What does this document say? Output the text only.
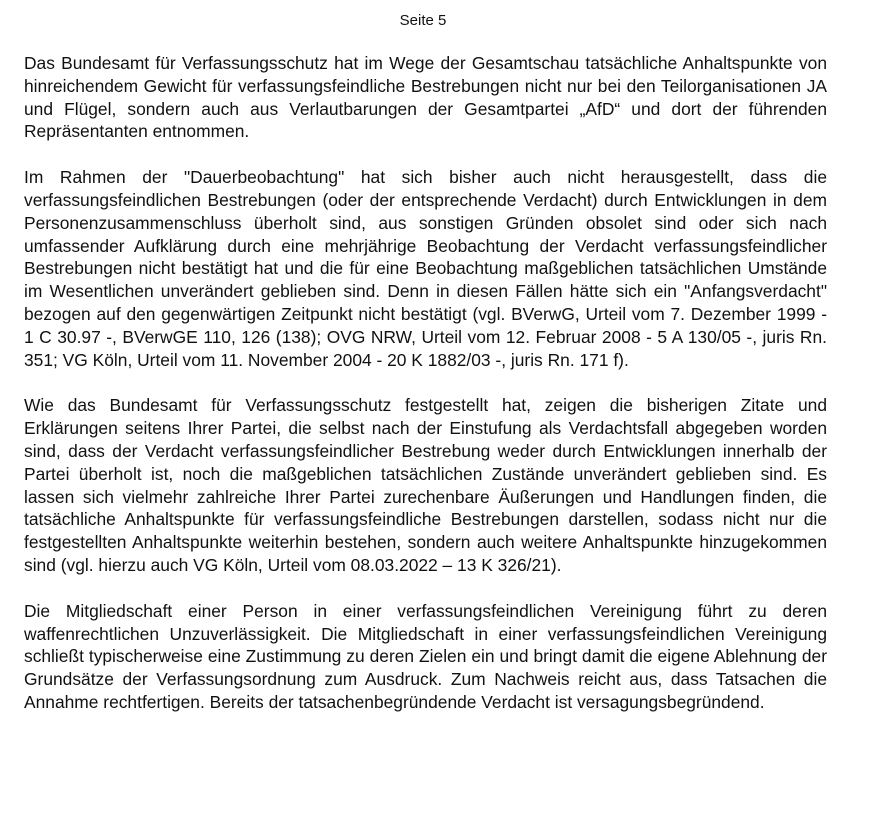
Seite 5

Das Bundesamt für Verfassungsschutz hat im Wege der Gesamtschau tatsächliche Anhaltspunkte von hinreichendem Gewicht für verfassungsfeindliche Bestrebungen nicht nur bei den Teilorganisationen JA und Flügel, sondern auch aus Verlautbarungen der Gesamtpartei „AfD“ und dort der führenden Repräsentanten entnommen.

Im Rahmen der "Dauerbeobachtung" hat sich bisher auch nicht herausgestellt, dass die verfassungsfeindlichen Bestrebungen (oder der entsprechende Verdacht) durch Entwicklungen in dem Personenzusammenschluss überholt sind, aus sonstigen Gründen obsolet sind oder sich nach umfassender Aufklärung durch eine mehrjährige Beobachtung der Verdacht verfassungsfeindlicher Bestrebungen nicht bestätigt hat und die für eine Beobachtung maßgeblichen tatsächlichen Umstände im Wesentlichen unverändert geblieben sind. Denn in diesen Fällen hätte sich ein "Anfangsverdacht" bezogen auf den gegenwärtigen Zeitpunkt nicht bestätigt (vgl. BVerwG, Urteil vom 7. Dezember 1999 - 1 C 30.97 -, BVerwGE 110, 126 (138); OVG NRW, Urteil vom 12. Februar 2008 - 5 A 130/05 -, juris Rn. 351; VG Köln, Urteil vom 11. November 2004 - 20 K 1882/03 -, juris Rn. 171 f).

Wie das Bundesamt für Verfassungsschutz festgestellt hat, zeigen die bisherigen Zitate und Erklärungen seitens Ihrer Partei, die selbst nach der Einstufung als Verdachtsfall abgegeben worden sind, dass der Verdacht verfassungsfeindlicher Bestrebung weder durch Entwicklungen innerhalb der Partei überholt ist, noch die maßgeblichen tatsächlichen Zustände unverändert geblieben sind. Es lassen sich vielmehr zahlreiche Ihrer Partei zurechenbare Äußerungen und Handlungen finden, die tatsächliche Anhaltspunkte für verfassungsfeindliche Bestrebungen darstellen, sodass nicht nur die festgestellten Anhaltspunkte weiterhin bestehen, sondern auch weitere Anhaltspunkte hinzugekommen sind (vgl. hierzu auch VG Köln, Urteil vom 08.03.2022 – 13 K 326/21).

Die Mitgliedschaft einer Person in einer verfassungsfeindlichen Vereinigung führt zu deren waffenrechtlichen Unzuverlässigkeit. Die Mitgliedschaft in einer verfassungsfeindlichen Vereinigung schließt typischerweise eine Zustimmung zu deren Zielen ein und bringt damit die eigene Ablehnung der Grundsätze der Verfassungsordnung zum Ausdruck. Zum Nachweis reicht aus, dass Tatsachen die Annahme rechtfertigen. Bereits der tatsachenbegründende Verdacht ist versagungsbegründend.
